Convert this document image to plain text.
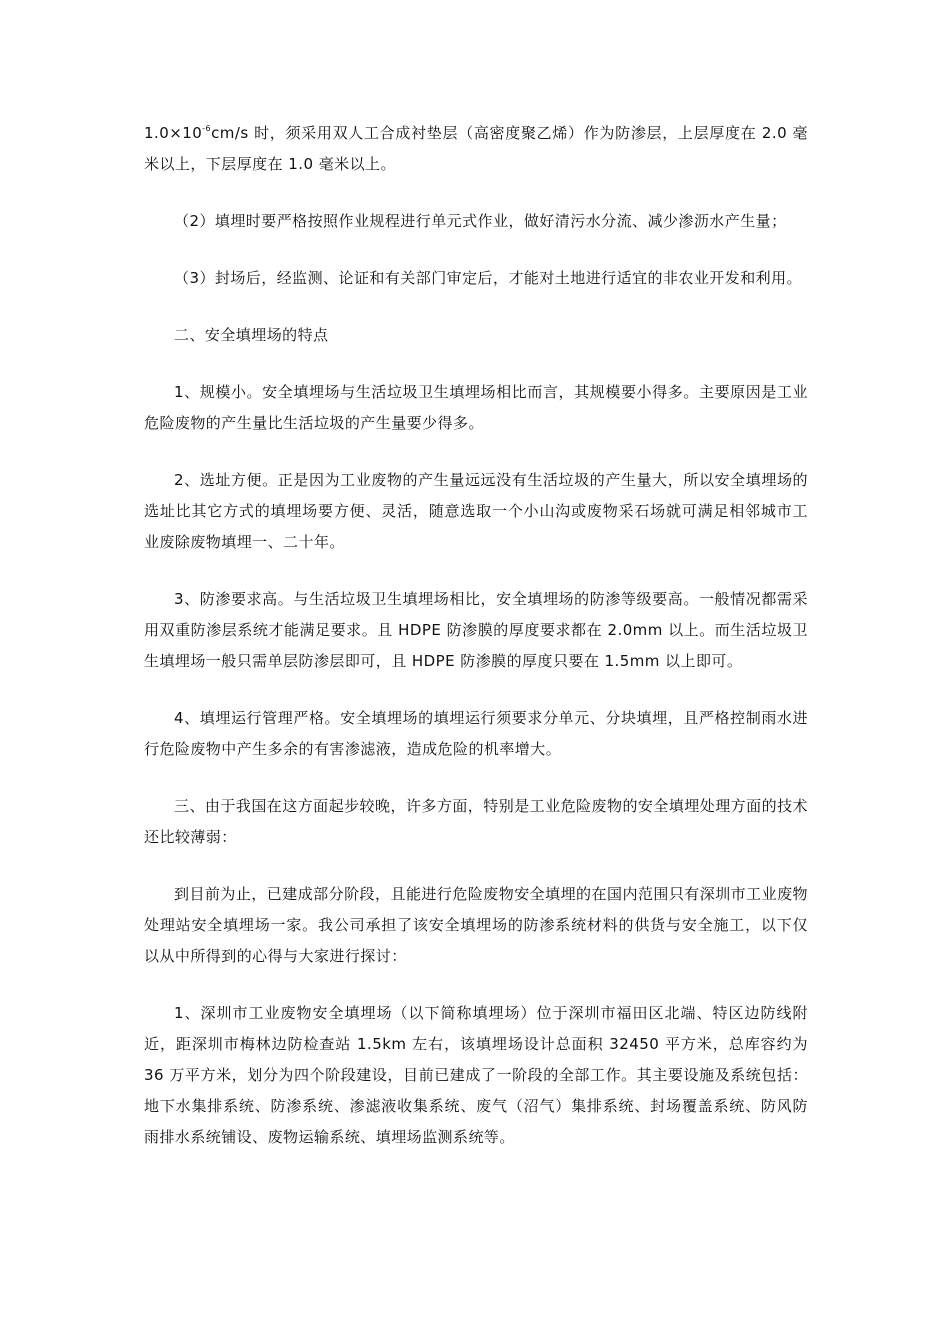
$1.0\times 10^{-6}cm/s$ 时，须采用双人工合成衬垫层（高密度聚乙烯）作为防渗层，上层厚度在 2.0 毫米以上，下层厚度在 1.0 毫米以上。

（2）填埋时要严格按照作业规程进行单元式作业，做好清污水分流、减少渗沥水产生量；

（3）封场后，经监测、论证和有关部门审定后，才能对土地进行适宜的非农业开发和利用。

二、安全填埋场的特点

1、规模小。安全填埋场与生活垃圾卫生填埋场相比而言，其规模要小得多。主要原因是工业危险废物的产生量比生活垃圾的产生量要少得多。

2、选址方便。正是因为工业废物的产生量远远没有生活垃圾的产生量大，所以安全填埋场的选址比其它方式的填埋场要方便、灵活，随意选取一个小山沟或废物采石场就可满足相邻城市工业废除废物填埋一、二十年。

3、防渗要求高。与生活垃圾卫生填埋场相比，安全填埋场的防渗等级要高。一般情况都需采用双重防渗层系统才能满足要求。且 HDPE 防渗膜的厚度要求都在 2.0mm 以上。而生活垃圾卫生填埋场一般只需单层防渗层即可，且 HDPE 防渗膜的厚度只要在 1.5mm 以上即可。

4、填埋运行管理严格。安全填埋场的填埋运行须要求分单元、分块填埋，且严格控制雨水进行危险废物中产生多余的有害渗滤液，造成危险的机率增大。

三、由于我国在这方面起步较晚，许多方面，特别是工业危险废物的安全填埋处理方面的技术还比较薄弱：

到目前为止，已建成部分阶段，且能进行危险废物安全填埋的在国内范围只有深圳市工业废物处理站安全填埋场一家。我公司承担了该安全填埋场的防渗系统材料的供货与安全施工，以下仅以从中所得到的心得与大家进行探讨：

1、深圳市工业废物安全填埋场（以下简称填埋场）位于深圳市福田区北端、特区边防线附近，距深圳市梅林边防检查站 1.5km 左右，该填埋场设计总面积 32450 平方米，总库容约为 36 万平方米，划分为四个阶段建设，目前已建成了一阶段的全部工作。其主要设施及系统包括：地下水集排系统、防渗系统、渗滤液收集系统、废气（沼气）集排系统、封场覆盖系统、防风防雨排水系统铺设、废物运输系统、填埋场监测系统等。
